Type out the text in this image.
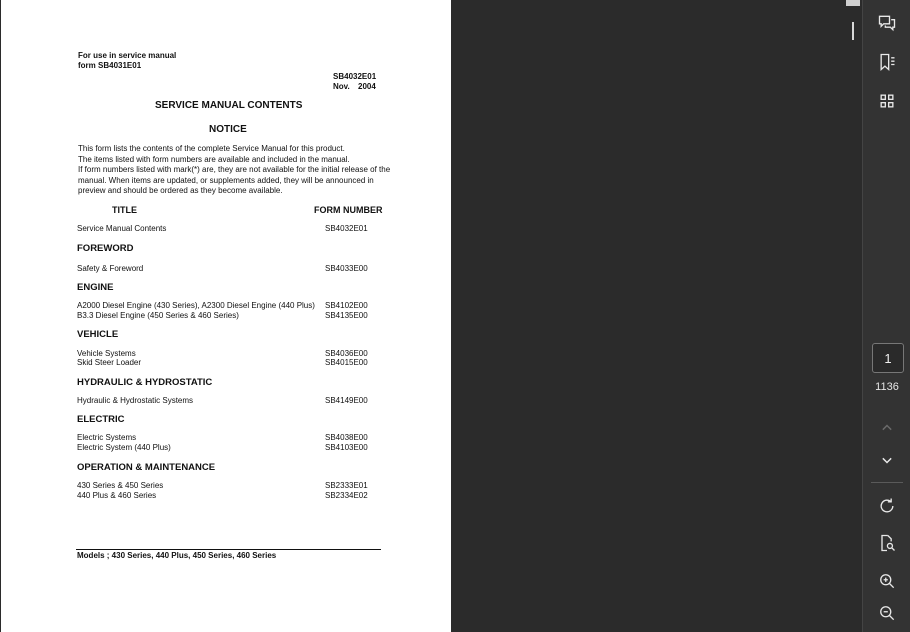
For use in service manual
form SB4031E01
SB4032E01
Nov. 2004
SERVICE MANUAL CONTENTS
NOTICE

This form lists the contents of the complete Service Manual for this product.

The items listed with form numbers are available and included in the manual.

If form numbers listed with mark(*) are, they are not available for the initial release of the

manual. When items are updated, or supplements added, they will be announced in

preview and should be ordered as they become available.

TITLE	FORM NUMBER
Service Manual Contents	SB4032E01
FOREWORD
Safety & Foreword	SB4033E00
ENGINE
A2000 Diesel Engine (430 Series), A2300 Diesel Engine (440 Plus) SB4102E00
B3.3 Diesel Engine (450 Series & 460 Series)	SB4135E00
VEHICLE
Vehicle Systems	SB4036E00
Skid Steer Loader	SB4015E00
HYDRAULIC & HYDROSTATIC
Hydraulic & Hydrostatic Systems	SB4149E00
ELECTRIC
Electric Systems	SB4038E00
Electric System (440 Plus)	SB4103E00
OPERATION & MAINTENANCE
430 Series & 450 Series	SB2333E01
440 Plus & 460 Series	SB2334E02
Models ; 430 Series, 440 Plus, 450 Series, 460 Series
1
1136
